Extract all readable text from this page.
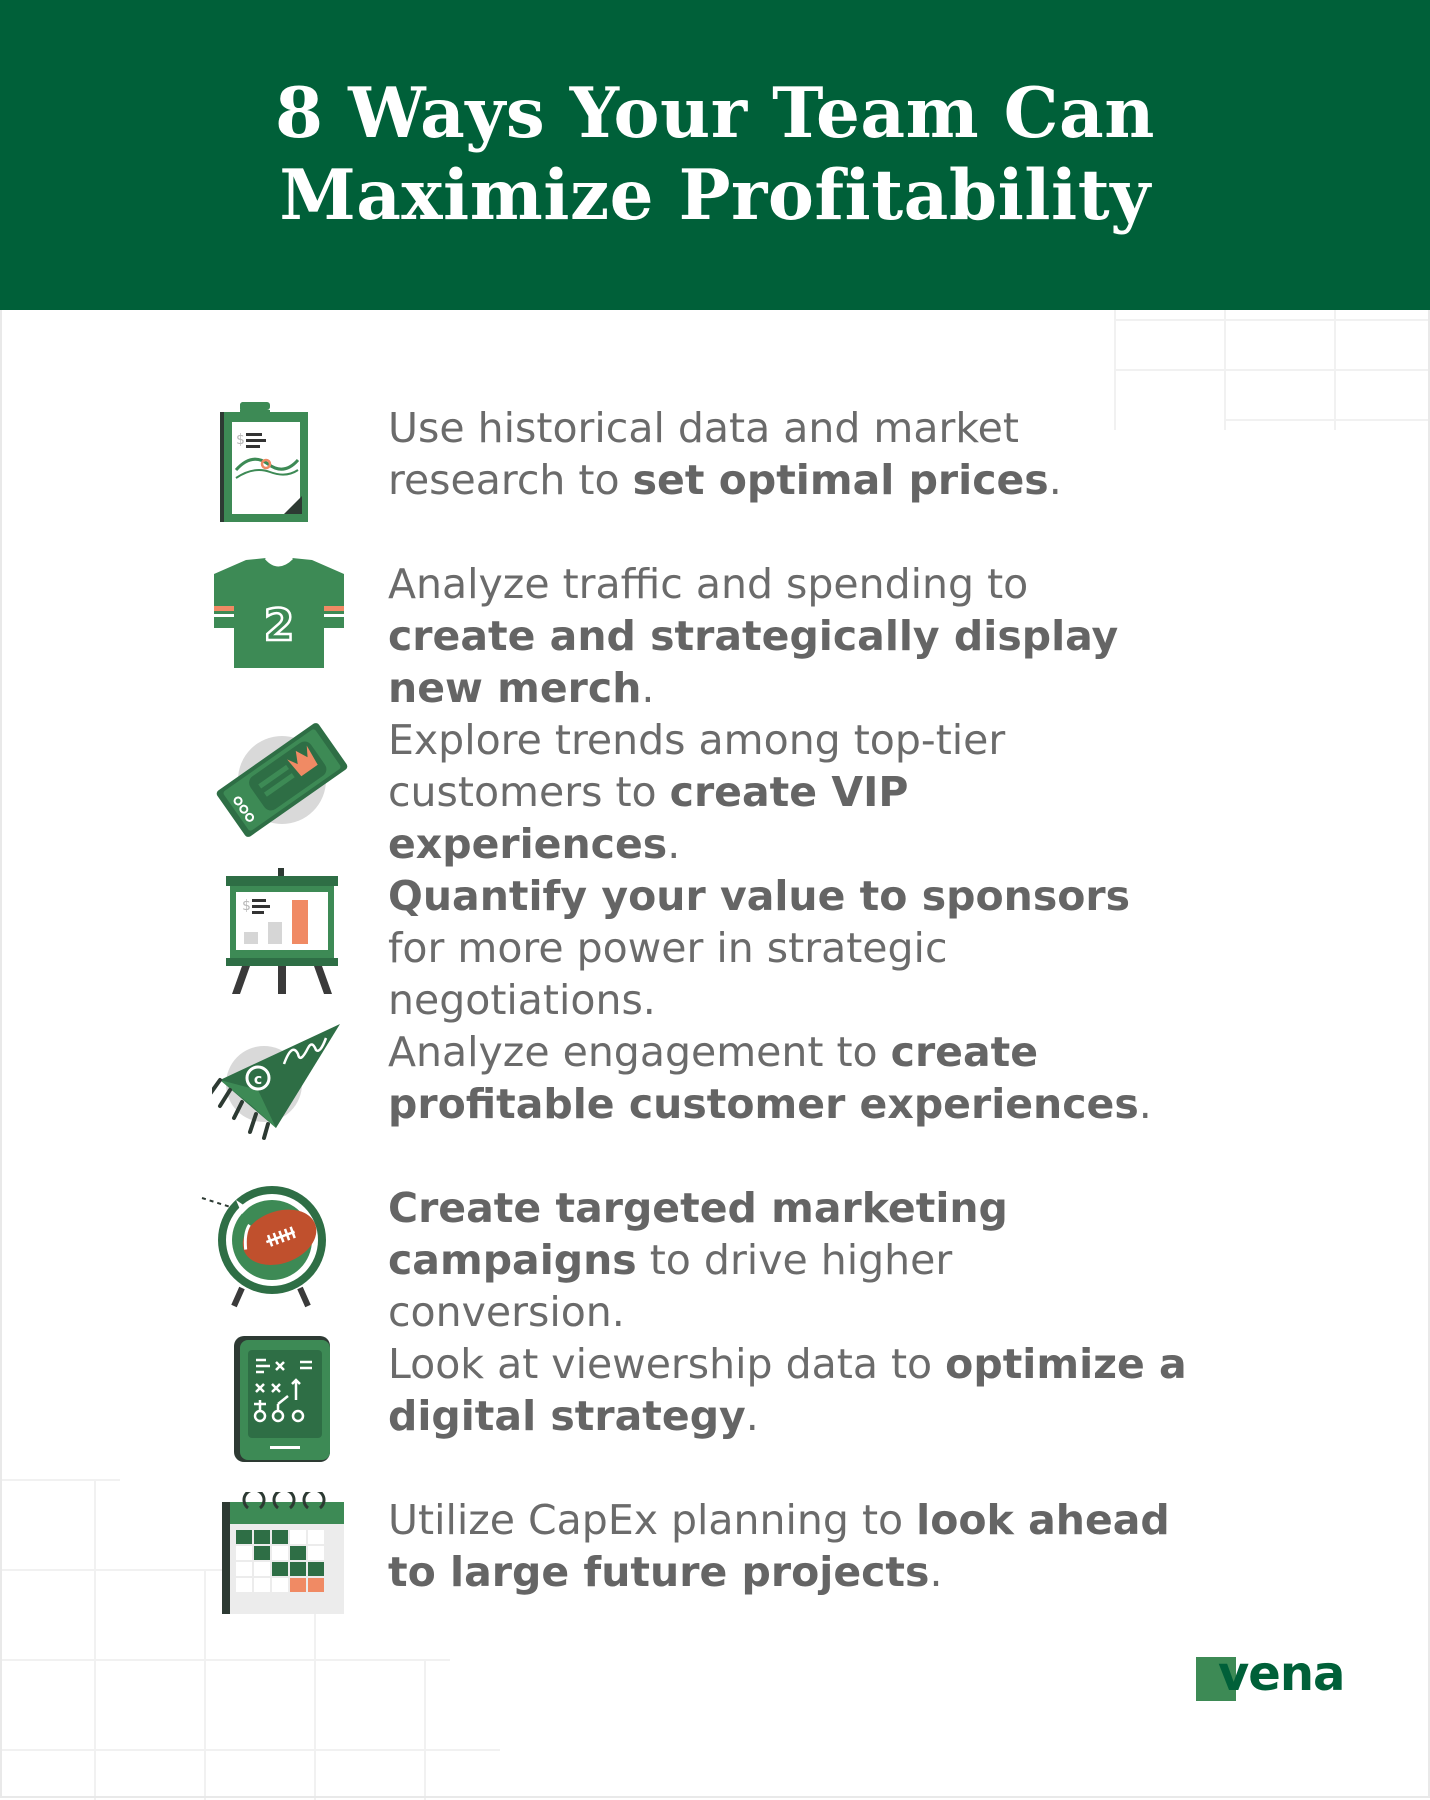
8 Ways Your Team Can
Maximize Profitability
$	Use historical data and market research to set optimal prices.

2

Analyze traffic and spending to create and strategically display new merch.

Explore trends among top-tier customers to create VIP experiences.

$	Quantify your value to sponsors for more power in strategic negotiations.

c

Analyze engagement to create profitable customer experiences.

Create targeted marketing campaigns to drive higher conversion.

Look at viewership data to optimize a digital strategy.

Utilize CapEx planning to look ahead to large future projects.

vena
